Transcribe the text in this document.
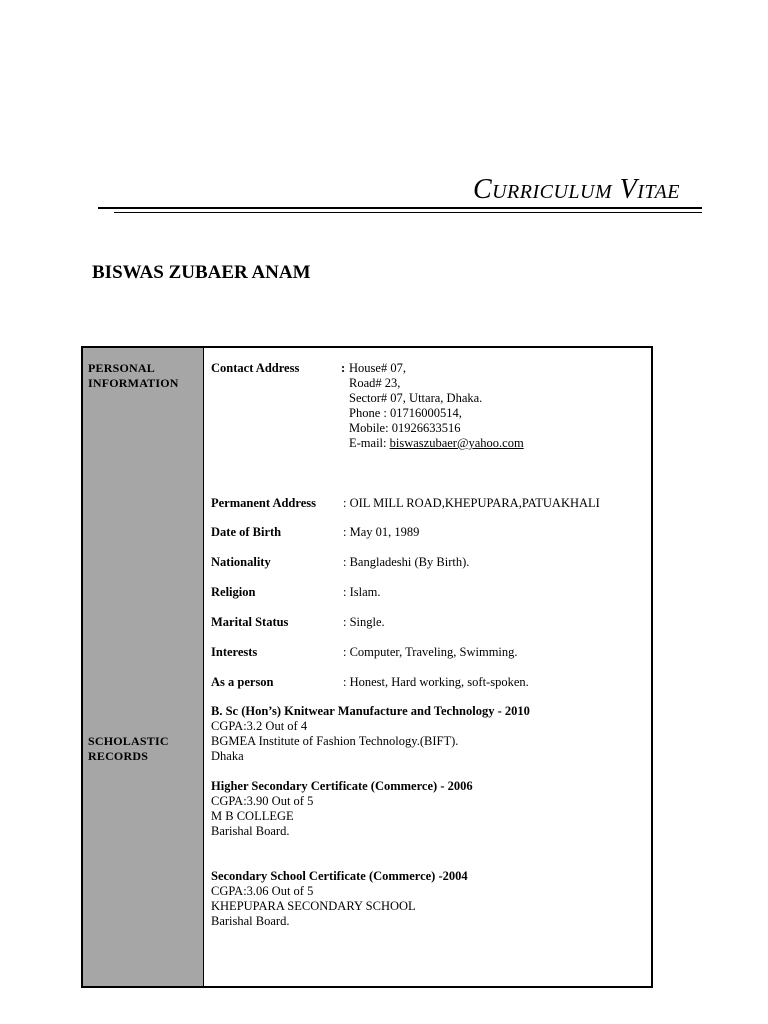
Curriculum Vitae
BISWAS ZUBAER ANAM
PERSONAL
INFORMATION
SCHOLASTIC
RECORDS
Contact Address	: House# 07,
Road# 23,
Sector# 07, Uttara, Dhaka.
Phone : 01716000514,
Mobile: 01926633516
E-mail: biswaszubaer@yahoo.com
Permanent Address : OIL MILL ROAD,KHEPUPARA,PATUAKHALI
Date of Birth	: May 01, 1989
Nationality	: Bangladeshi (By Birth).
Religion	: Islam.
Marital Status	: Single.
Interests	: Computer, Traveling, Swimming.
As a person	: Honest, Hard working, soft-spoken.
B. Sc (Hon’s) Knitwear Manufacture and Technology - 2010
CGPA:3.2 Out of 4
BGMEA Institute of Fashion Technology.(BIFT).
Dhaka
Higher Secondary Certificate (Commerce) - 2006
CGPA:3.90 Out of 5
M B COLLEGE
Barishal Board.
Secondary School Certificate (Commerce) -2004
CGPA:3.06 Out of 5
KHEPUPARA SECONDARY SCHOOL
Barishal Board.
